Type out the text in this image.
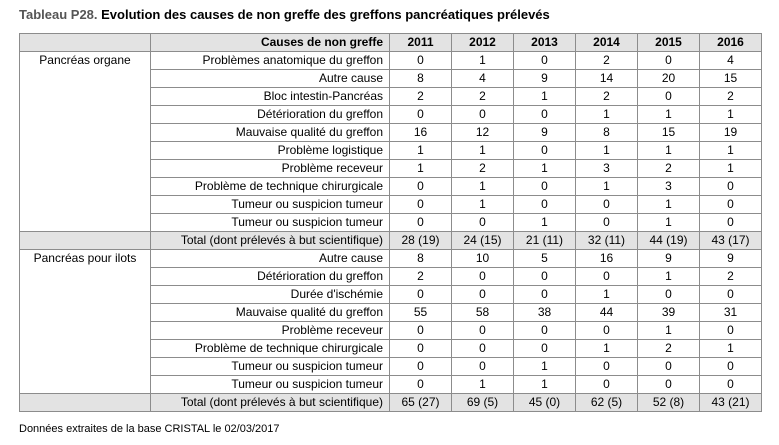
Tableau P28. Evolution des causes de non greffe des greffons pancréatiques prélevés
	Causes de non greffe	2011	2012	2013	2014	2015	2016
Pancréas organe	Problèmes anatomique du greffon	0	1	0	2	0	4
	Autre cause	8	4	9	14	20	15
	Bloc intestin-Pancréas	2	2	1	2	0	2
	Détérioration du greffon	0	0	0	1	1	1
	Mauvaise qualité du greffon	16	12	9	8	15	19
	Problème logistique	1	1	0	1	1	1
	Problème receveur	1	2	1	3	2	1
	Problème de technique chirurgicale	0	1	0	1	3	0
	Tumeur ou suspicion tumeur	0	1	0	0	1	0
	Tumeur ou suspicion tumeur	0	0	1	0	1	0
	Total (dont prélevés à but scientifique)	28 (19)	24 (15)	21 (11)	32 (11)	44 (19)	43 (17)
Pancréas pour ilots	Autre cause	8	10	5	16	9	9
	Détérioration du greffon	2	0	0	0	1	2
	Durée d'ischémie	0	0	0	1	0	0
	Mauvaise qualité du greffon	55	58	38	44	39	31
	Problème receveur	0	0	0	0	1	0
	Problème de technique chirurgicale	0	0	0	1	2	1
	Tumeur ou suspicion tumeur	0	0	1	0	0	0
	Tumeur ou suspicion tumeur	0	1	1	0	0	0
	Total (dont prélevés à but scientifique)	65 (27)	69 (5)	45 (0)	62 (5)	52 (8)	43 (21)
Données extraites de la base CRISTAL le 02/03/2017
